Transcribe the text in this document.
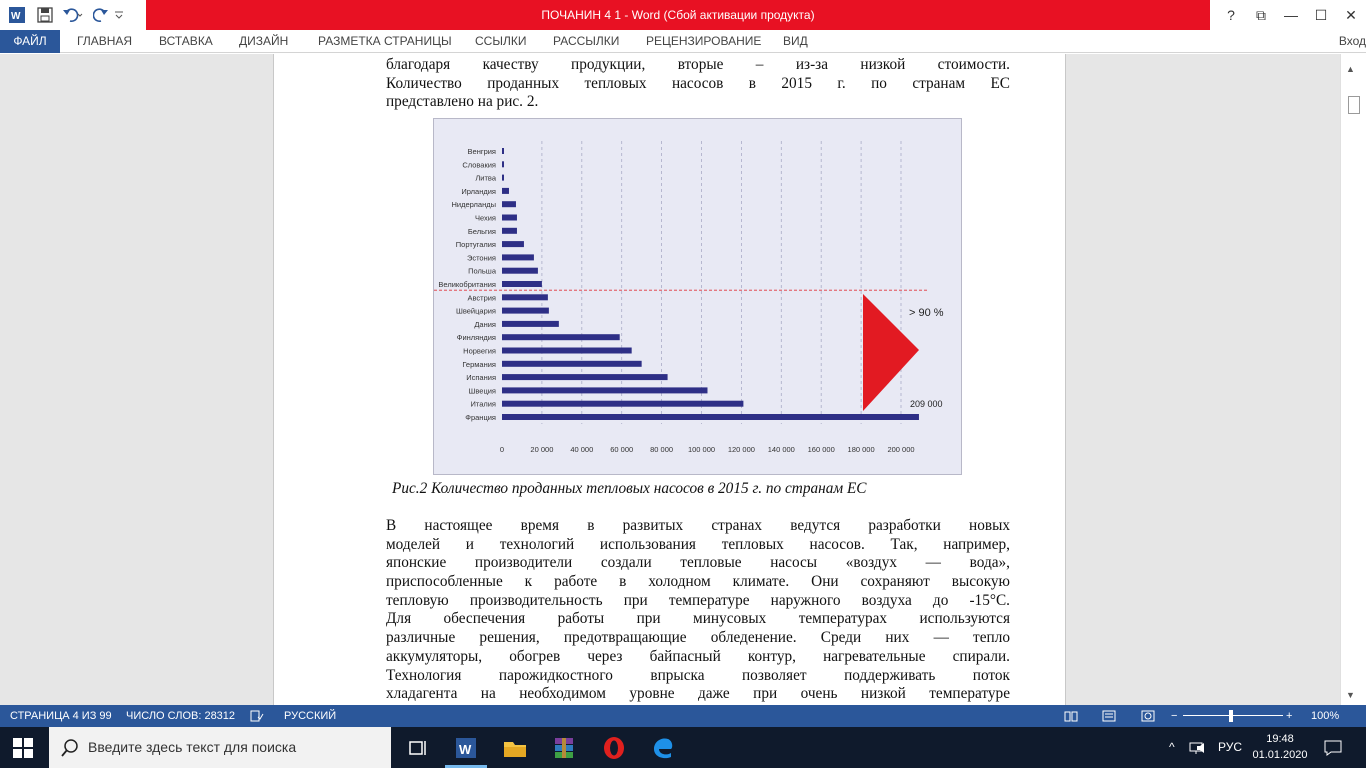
ПОЧАНИН 4 1 - Word (Сбой активации продукта)
W	?	⧉	—	☐	✕
ФАЙЛ	ГЛАВНАЯ ВСТАВКА ДИЗАЙН РАЗМЕТКА СТРАНИЦЫ ССЫЛКИ РАССЫЛКИ РЕЦЕНЗИРОВАНИЕ ВИД	Вход
благодаря качеству продукции, вторые – из-за низкой стоимости.
Количество проданных тепловых насосов в 2015 г. по странам ЕС
представлено на рис. 2.
Венгрия
Словакия
Литва
Ирландия
Нидерланды
Чехия
Бельгия
Португалия
Эстония
Польша
Великобритания
Австрия
Швейцария
Дания
Финляндия
Норвегия
Германия
Испания
Швеция
Италия
Франция
0	20 000 40 000 60 000 80 000 100 000 120 000 140 000 160 000 180 000 200 000
> 90 %
209 000
Рис.2 Количество проданных тепловых насосов в 2015 г. по странам ЕС
В настоящее время в развитых странах ведутся разработки новых
моделей и технологий использования тепловых насосов. Так, например,
японские производители создали тепловые насосы «воздух — вода»,
приспособленные к работе в холодном климате. Они сохраняют высокую
тепловую производительность при температуре наружного воздуха до -15°С.
Для обеспечения работы при минусовых температурах используются
различные решения, предотвращающие обледенение. Среди них — тепло
аккумуляторы, обогрев через байпасный контур, нагревательные спирали.
Технология парожидкостного впрыска позволяет поддерживать поток
хладагента на необходимом уровне даже при очень низкой температуре
▲
▼
СТРАНИЦА 4 ИЗ 99 ЧИСЛО СЛОВ: 28312	РУССКИЙ	−	+ 100%
Введите здесь текст для поиска	W	^	РУС
19:48
01.01.2020
